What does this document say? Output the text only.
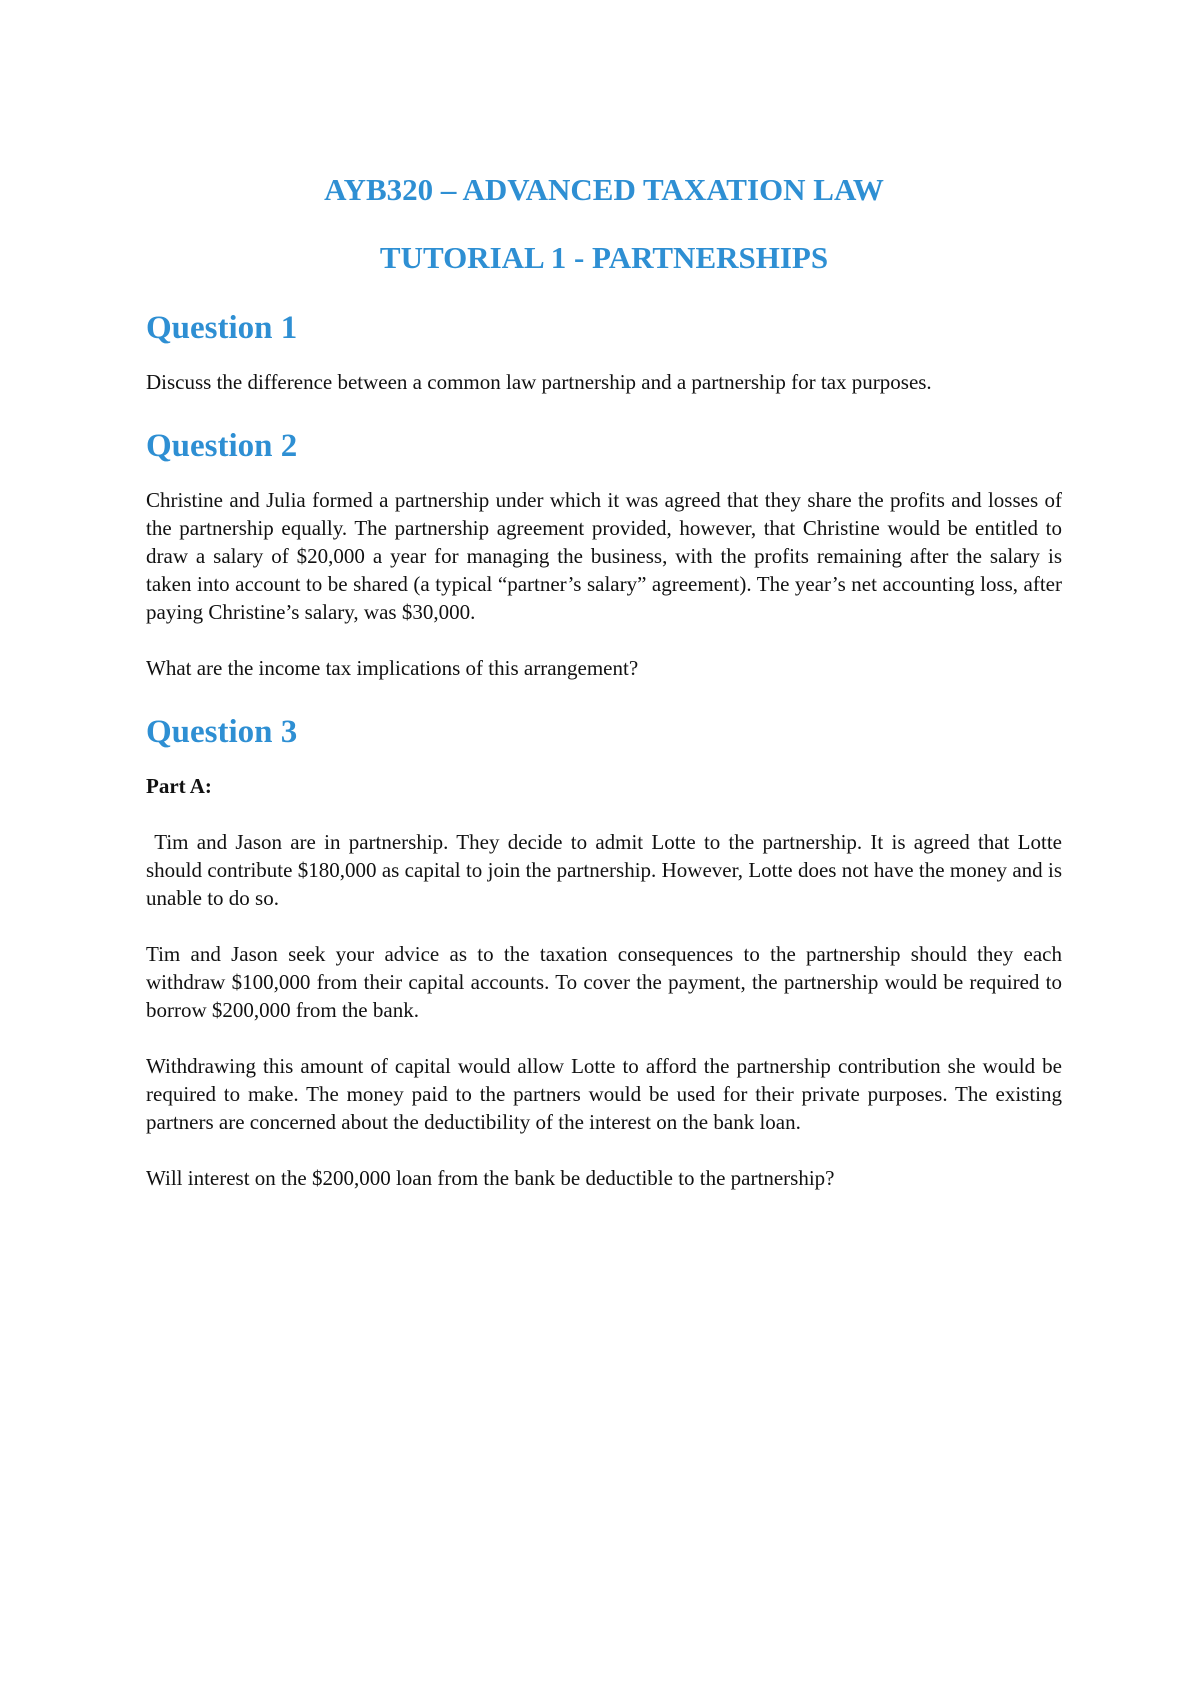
AYB320 – ADVANCED TAXATION LAW
TUTORIAL 1 - PARTNERSHIPS
Question 1

Discuss the difference between a common law partnership and a partnership for tax purposes.

Question 2

Christine and Julia formed a partnership under which it was agreed that they share the profits and losses of the partnership equally. The partnership agreement provided, however, that Christine would be entitled to draw a salary of $20,000 a year for managing the business, with the profits remaining after the salary is taken into account to be shared (a typical “partner’s salary” agreement). The year’s net accounting loss, after paying Christine’s salary, was $30,000.

What are the income tax implications of this arrangement?

Question 3
Part A:

Tim and Jason are in partnership. They decide to admit Lotte to the partnership. It is agreed that Lotte should contribute $180,000 as capital to join the partnership. However, Lotte does not have the money and is unable to do so.

Tim and Jason seek your advice as to the taxation consequences to the partnership should they each withdraw $100,000 from their capital accounts. To cover the payment, the partnership would be required to borrow $200,000 from the bank.

Withdrawing this amount of capital would allow Lotte to afford the partnership contribution she would be required to make. The money paid to the partners would be used for their private purposes. The existing partners are concerned about the deductibility of the interest on the bank loan.

Will interest on the $200,000 loan from the bank be deductible to the partnership?
